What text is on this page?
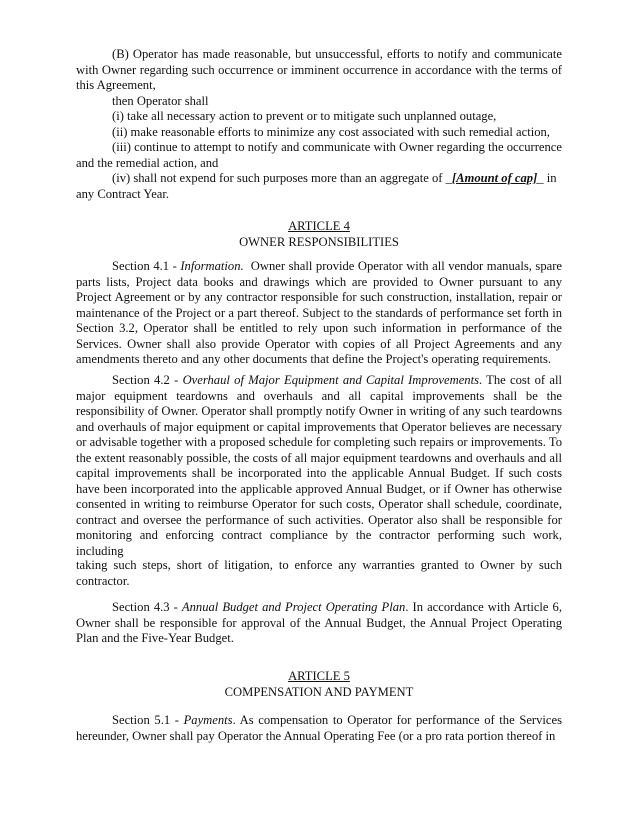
(B) Operator has made reasonable, but unsuccessful, efforts to notify and communicate with Owner regarding such occurrence or imminent occurrence in accordance with the terms of this Agreement,

then Operator shall

(i) take all necessary action to prevent or to mitigate such unplanned outage,

(ii) make reasonable efforts to minimize any cost associated with such remedial action,

(iii) continue to attempt to notify and communicate with Owner regarding the occurrence and the remedial action, and

(iv) shall not expend for such purposes more than an aggregate of _[Amount of cap]_ in any Contract Year.

ARTICLE 4

OWNER RESPONSIBILITIES

Section 4.1 - Information. Owner shall provide Operator with all vendor manuals, spare parts lists, Project data books and drawings which are provided to Owner pursuant to any Project Agreement or by any contractor responsible for such construction, installation, repair or maintenance of the Project or a part thereof. Subject to the standards of performance set forth in Section 3.2, Operator shall be entitled to rely upon such information in performance of the Services. Owner shall also provide Operator with copies of all Project Agreements and any amendments thereto and any other documents that define the Project's operating requirements.

Section 4.2 - Overhaul of Major Equipment and Capital Improvements. The cost of all major equipment teardowns and overhauls and all capital improvements shall be the responsibility of Owner. Operator shall promptly notify Owner in writing of any such teardowns and overhauls of major equipment or capital improvements that Operator believes are necessary or advisable together with a proposed schedule for completing such repairs or improvements. To the extent reasonably possible, the costs of all major equipment teardowns and overhauls and all capital improvements shall be incorporated into the applicable Annual Budget. If such costs have been incorporated into the applicable approved Annual Budget, or if Owner has otherwise consented in writing to reimburse Operator for such costs, Operator shall schedule, coordinate, contract and oversee the performance of such activities. Operator also shall be responsible for monitoring and enforcing contract compliance by the contractor performing such work, including

taking such steps, short of litigation, to enforce any warranties granted to Owner by such contractor.

Section 4.3 - Annual Budget and Project Operating Plan. In accordance with Article 6, Owner shall be responsible for approval of the Annual Budget, the Annual Project Operating Plan and the Five-Year Budget.

ARTICLE 5

COMPENSATION AND PAYMENT

Section 5.1 - Payments. As compensation to Operator for performance of the Services hereunder, Owner shall pay Operator the Annual Operating Fee (or a pro rata portion thereof in
